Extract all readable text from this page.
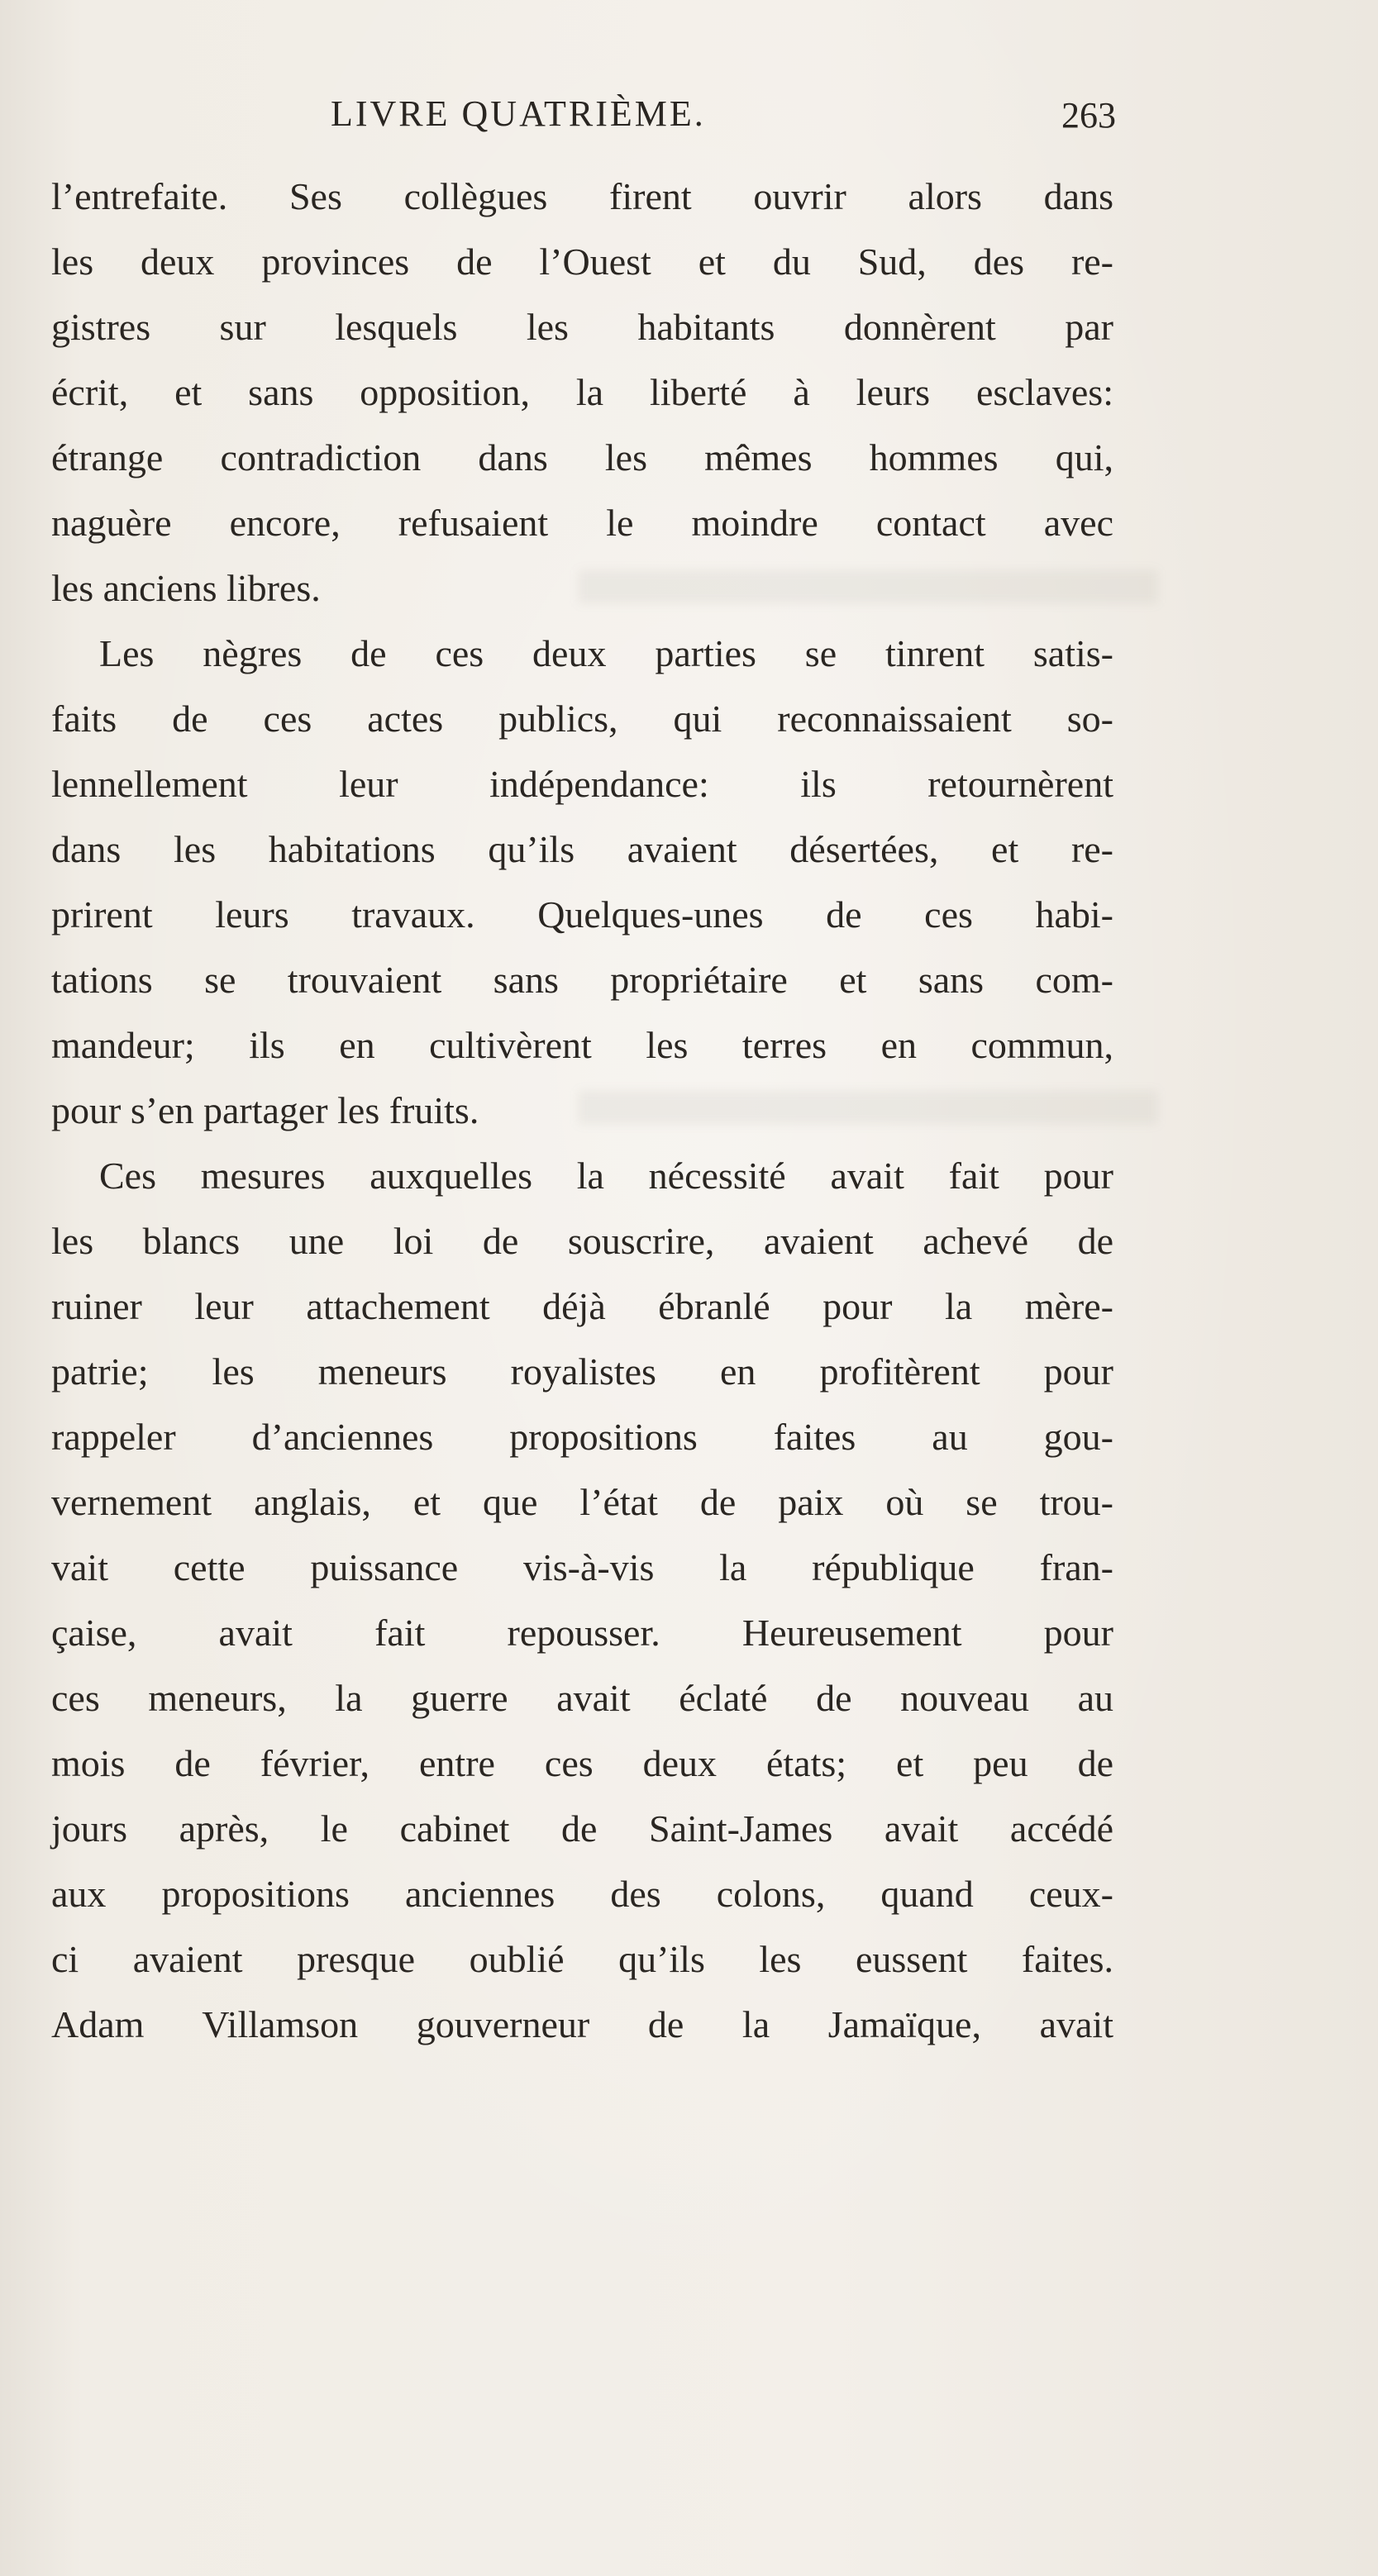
LIVRE QUATRIÈME.	263
l’entrefaite. Ses collègues firent ouvrir alors dans
les deux provinces de l’Ouest et du Sud, des re-
gistres sur lesquels les habitants donnèrent par
écrit, et sans opposition, la liberté à leurs esclaves:
étrange contradiction dans les mêmes hommes qui,
naguère encore, refusaient le moindre contact avec
les anciens libres.
Les nègres de ces deux parties se tinrent satis-
faits de ces actes publics, qui reconnaissaient so-
lennellement leur indépendance: ils retournèrent
dans les habitations qu’ils avaient désertées, et re-
prirent leurs travaux. Quelques-unes de ces habi-
tations se trouvaient sans propriétaire et sans com-
mandeur; ils en cultivèrent les terres en commun,
pour s’en partager les fruits.
Ces mesures auxquelles la nécessité avait fait pour
les blancs une loi de souscrire, avaient achevé de
ruiner leur attachement déjà ébranlé pour la mère-
patrie; les meneurs royalistes en profitèrent pour
rappeler d’anciennes propositions faites au gou-
vernement anglais, et que l’état de paix où se trou-
vait cette puissance vis-à-vis la république fran-
çaise, avait fait repousser. Heureusement pour
ces meneurs, la guerre avait éclaté de nouveau au
mois de février, entre ces deux états; et peu de
jours après, le cabinet de Saint-James avait accédé
aux propositions anciennes des colons, quand ceux-
ci avaient presque oublié qu’ils les eussent faites.
Adam Villamson gouverneur de la Jamaïque, avait
